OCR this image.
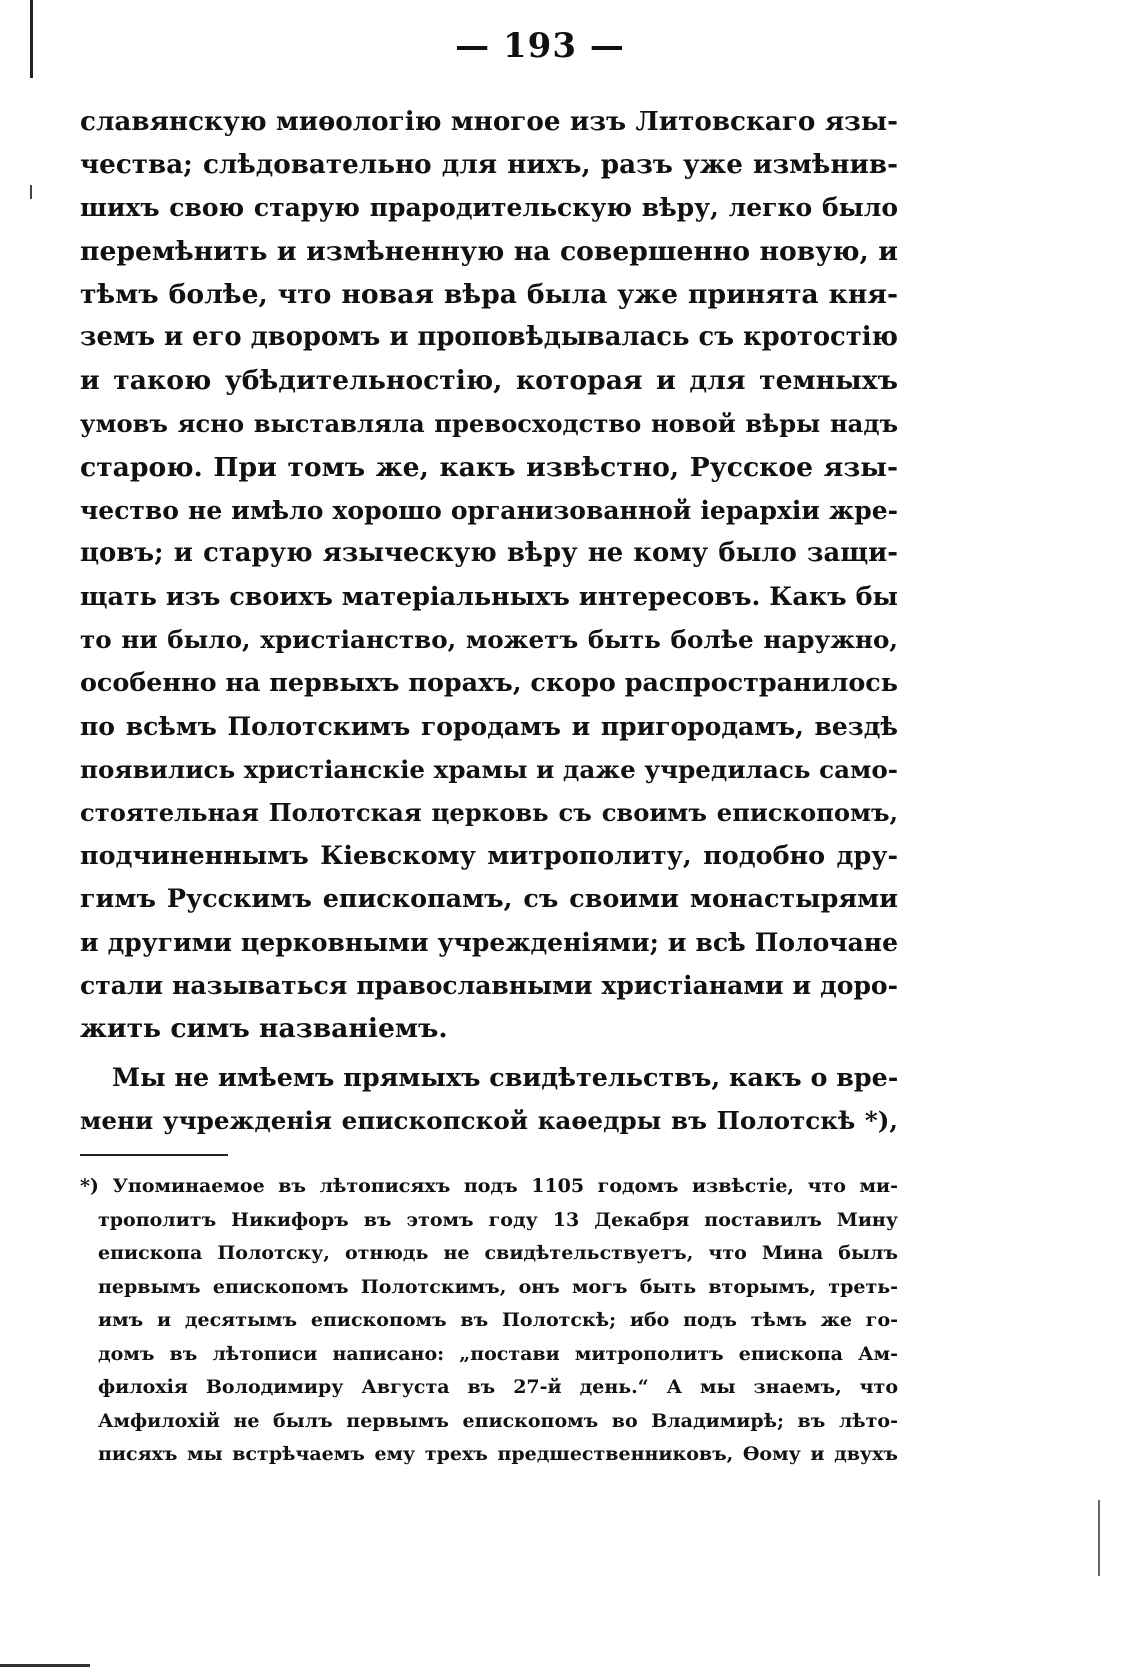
— 193 —
славянскую миѳологію многое изъ Литовскаго язы-
чества; слѣдовательно для нихъ, разъ уже измѣнив-
шихъ свою старую прародительскую вѣру, легко было
перемѣнить и измѣненную на совершенно новую, и
тѣмъ болѣе, что новая вѣра была уже принята кня-
земъ и его дворомъ и проповѣдывалась съ кротостію
и такою убѣдительностію, которая и для темныхъ
умовъ ясно выставляла превосходство новой вѣры надъ
старою. При томъ же, какъ извѣстно, Русское язы-
чество не имѣло хорошо организованной іерархіи жре-
цовъ; и старую языческую вѣру не кому было защи-
щать изъ своихъ матеріальныхъ интересовъ. Какъ бы
то ни было, христіанство, можетъ быть болѣе наружно,
особенно на первыхъ порахъ, скоро распространилось
по всѣмъ Полотскимъ городамъ и пригородамъ, вездѣ
появились христіанскіе храмы и даже учредилась само-
стоятельная Полотская церковь съ своимъ епископомъ,
подчиненнымъ Кіевскому митрополиту, подобно дру-
гимъ Русскимъ епископамъ, съ своими монастырями
и другими церковными учрежденіями; и всѣ Полочане
стали называться православными христіанами и доро-
жить симъ названіемъ.
Мы не имѣемъ прямыхъ свидѣтельствъ, какъ о вре-
мени учрежденія епископской каѳедры въ Полотскѣ *),
*) Упоминаемое въ лѣтописяхъ подъ 1105 годомъ извѣстіе, что ми-
трополитъ Никифоръ въ этомъ году 13 Декабря поставилъ Мину
епископа Полотску, отнюдь не свидѣтельствуетъ, что Мина былъ
первымъ епископомъ Полотскимъ, онъ могъ быть вторымъ, треть-
имъ и десятымъ епископомъ въ Полотскѣ; ибо подъ тѣмъ же го-
домъ въ лѣтописи написано: „постави митрополитъ епископа Ам-
филохія Володимиру Августа въ 27-й день.“ А мы знаемъ, что
Амфилохій не былъ первымъ епископомъ во Владимирѣ; въ лѣто-
писяхъ мы встрѣчаемъ ему трехъ предшественниковъ, Ѳому и двухъ
